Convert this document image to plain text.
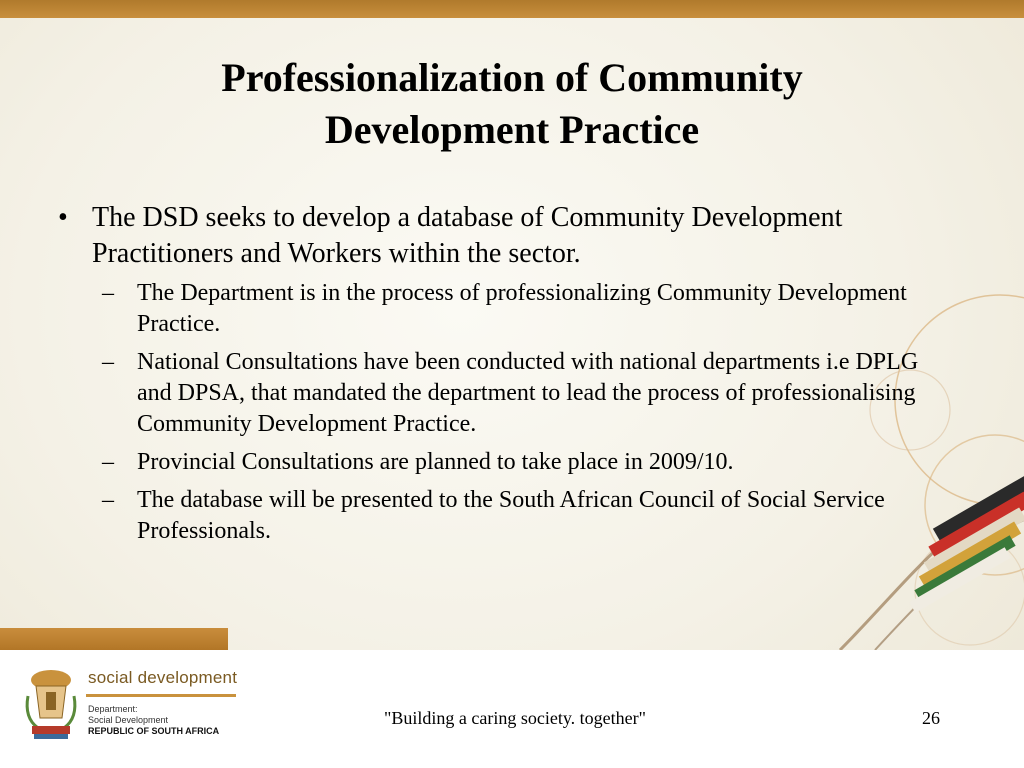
Professionalization of Community Development Practice
• The DSD seeks to develop a database of Community Development Practitioners and Workers within the sector.
– The Department is in the process of professionalizing Community Development Practice.
– National Consultations have been conducted with national departments i.e DPLG and DPSA, that mandated the department to lead the process of professionalising Community Development Practice.
– Provincial Consultations are planned to take place in 2009/10.
– The database will be presented to the South African Council of Social Service Professionals.
social development
Department:
Social Development
REPUBLIC OF SOUTH AFRICA
"Building a caring society. together"	26
